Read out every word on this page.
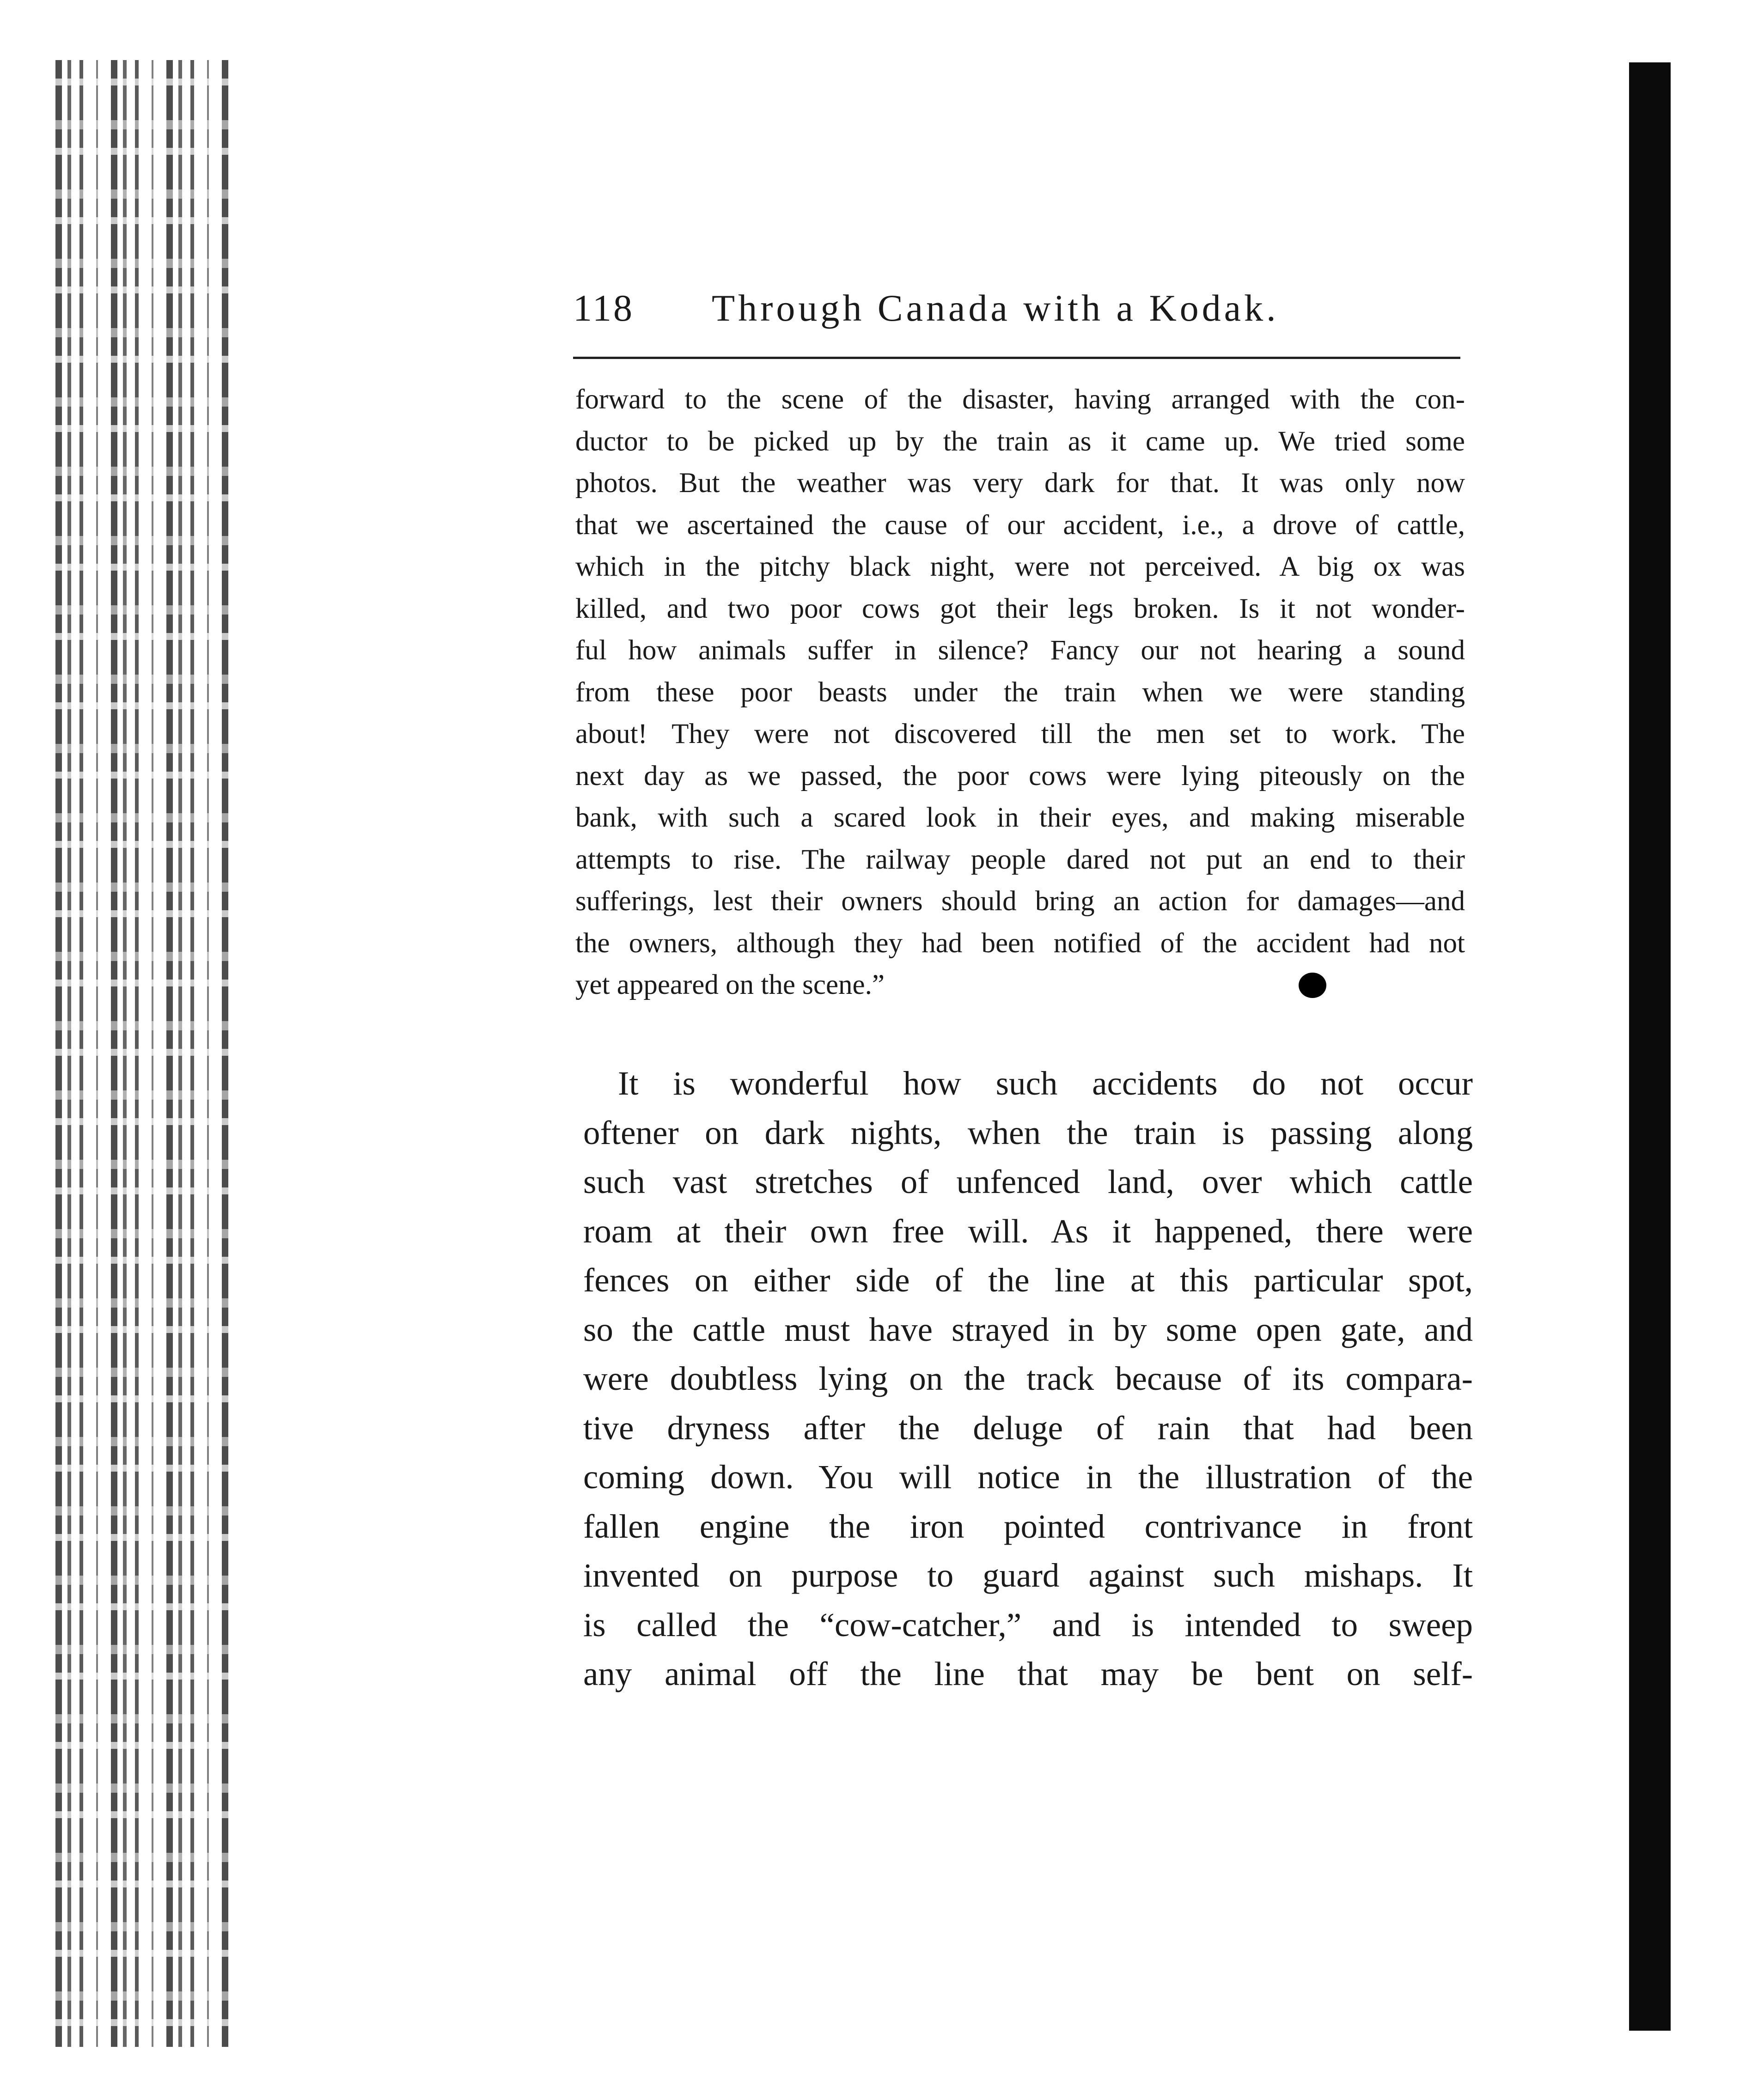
118 Through Canada with a Kodak.
forward to the scene of the disaster, having arranged with the con-
ductor to be picked up by the train as it came up. We tried some
photos. But the weather was very dark for that. It was only now
that we ascertained the cause of our accident, i.e., a drove of cattle,
which in the pitchy black night, were not perceived. A big ox was
killed, and two poor cows got their legs broken. Is it not wonder-
ful how animals suffer in silence? Fancy our not hearing a sound
from these poor beasts under the train when we were standing
about! They were not discovered till the men set to work. The
next day as we passed, the poor cows were lying piteously on the
bank, with such a scared look in their eyes, and making miserable
attempts to rise. The railway people dared not put an end to their
sufferings, lest their owners should bring an action for damages—and
the owners, although they had been notified of the accident had not
yet appeared on the scene.”
It is wonderful how such accidents do not occur
oftener on dark nights, when the train is passing along
such vast stretches of unfenced land, over which cattle
roam at their own free will. As it happened, there were
fences on either side of the line at this particular spot,
so the cattle must have strayed in by some open gate, and
were doubtless lying on the track because of its compara-
tive dryness after the deluge of rain that had been
coming down. You will notice in the illustration of the
fallen engine the iron pointed contrivance in front
invented on purpose to guard against such mishaps. It
is called the “cow-catcher,” and is intended to sweep
any animal off the line that may be bent on self-
